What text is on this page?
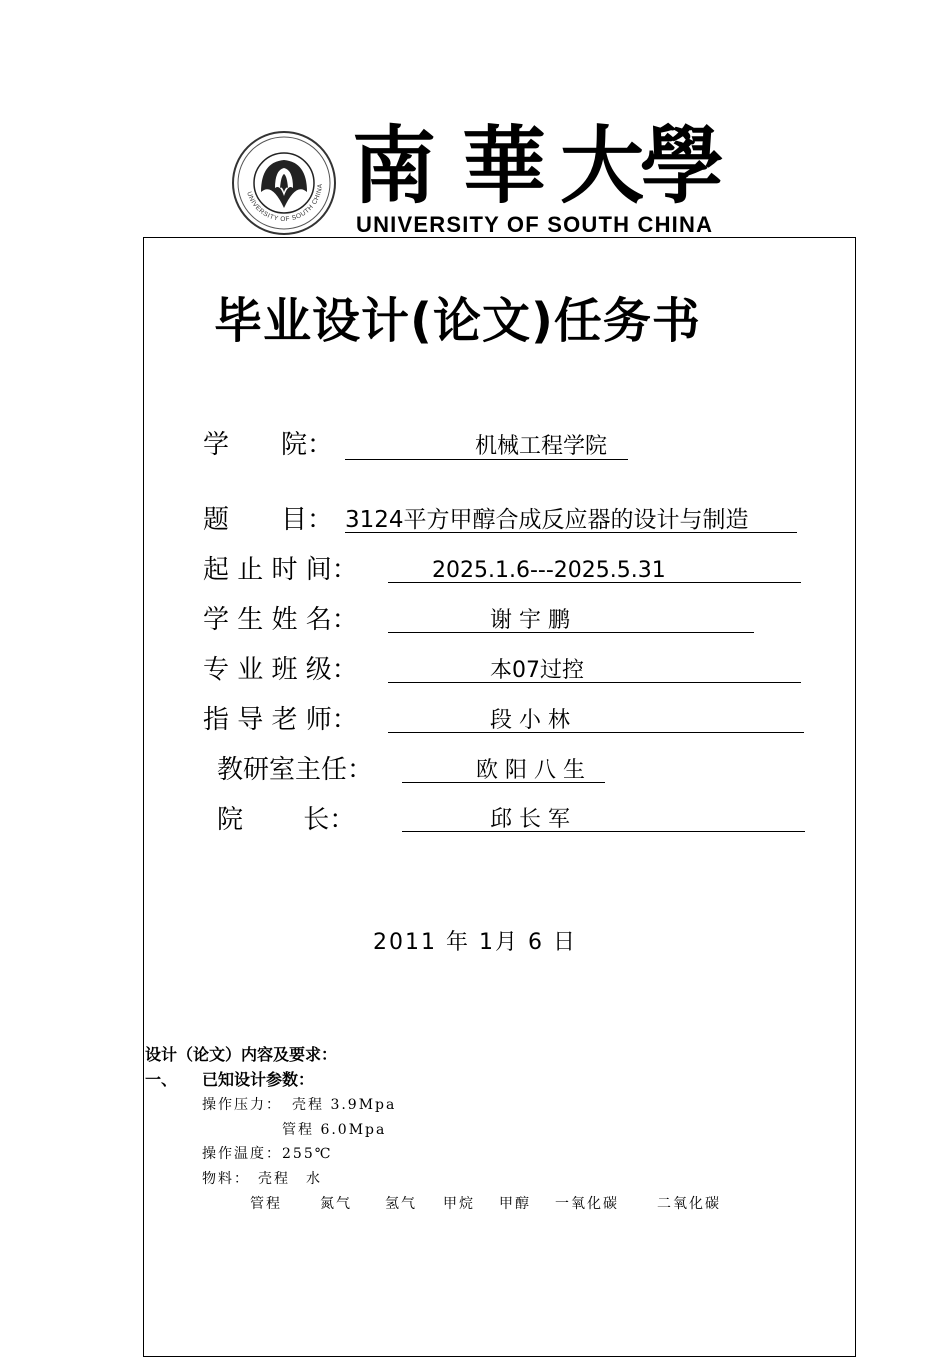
UNIVERSITY OF SOUTH CHINA 南 華 大
學
UNIVERSITY OF SOUTH CHINA
毕业设计(论文)任务书
学　　院：	机械工程学院
题　　目： 3124平方甲醇合成反应器的设计与制造
起 止 时 间：	2025.1.6---2025.5.31
学 生 姓 名：	谢 宇 鹏
专 业 班 级：	本07过控
指 导 老 师：	段 小 林
教研室主任：	欧 阳 八 生
院　　 长：	邱 长 军
2011 年 1月 6 日
设计（论文）内容及要求：
一、 已知设计参数：
操作压力： 壳程 3.9Mpa
管程 6.0Mpa
操作温度：255℃
物料： 壳程　水
管程	氮气 氢气 甲烷 甲醇 一氧化碳	二氧化碳
